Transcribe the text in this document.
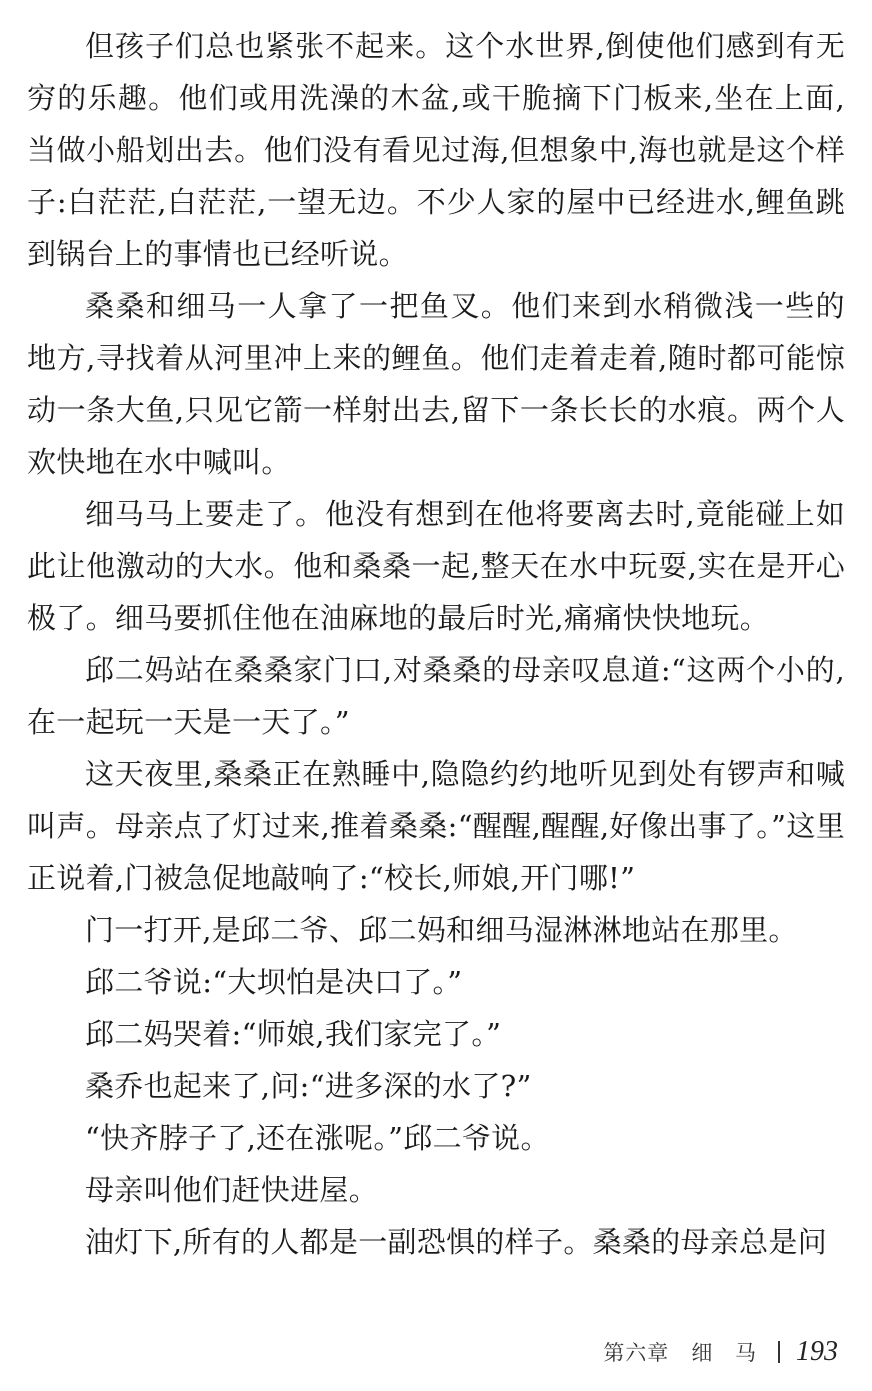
但孩子们总也紧张不起来。这个水世界,倒使他们感到有无穷的乐趣。他们或用洗澡的木盆,或干脆摘下门板来,坐在上面,当做小船划出去。他们没有看见过海,但想象中,海也就是这个样子:白茫茫,白茫茫,一望无边。不少人家的屋中已经进水,鲤鱼跳到锅台上的事情也已经听说。

桑桑和细马一人拿了一把鱼叉。他们来到水稍微浅一些的地方,寻找着从河里冲上来的鲤鱼。他们走着走着,随时都可能惊动一条大鱼,只见它箭一样射出去,留下一条长长的水痕。两个人欢快地在水中喊叫。

细马马上要走了。他没有想到在他将要离去时,竟能碰上如此让他激动的大水。他和桑桑一起,整天在水中玩耍,实在是开心极了。细马要抓住他在油麻地的最后时光,痛痛快快地玩。

邱二妈站在桑桑家门口,对桑桑的母亲叹息道:“这两个小的,在一起玩一天是一天了。”

这天夜里,桑桑正在熟睡中,隐隐约约地听见到处有锣声和喊叫声。母亲点了灯过来,推着桑桑:“醒醒,醒醒,好像出事了。”这里正说着,门被急促地敲响了:“校长,师娘,开门哪!”

门一打开,是邱二爷、邱二妈和细马湿淋淋地站在那里。

邱二爷说:“大坝怕是决口了。”

邱二妈哭着:“师娘,我们家完了。”

桑乔也起来了,问:“进多深的水了?”

“快齐脖子了,还在涨呢。”邱二爷说。

母亲叫他们赶快进屋。

油灯下,所有的人都是一副恐惧的样子。桑桑的母亲总是问

第六章 细 马 193
